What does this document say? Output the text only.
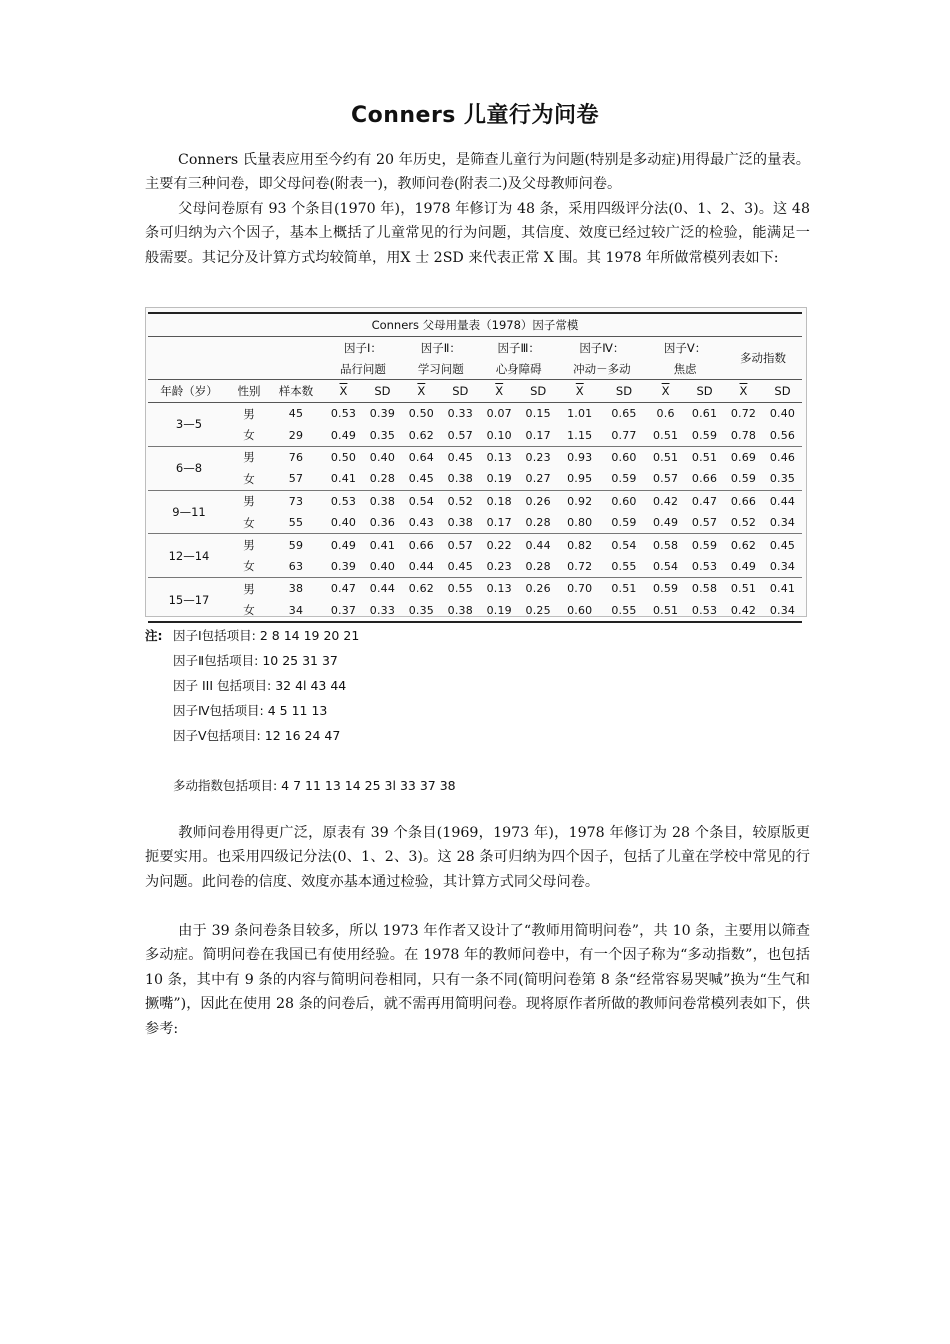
Conners 儿童行为问卷

Conners 氏量表应用至今约有 20 年历史，是筛查儿童行为问题(特别是多动症)用得最广泛的量表。主要有三种问卷，即父母问卷(附表一)，教师问卷(附表二)及父母教师问卷。

父母问卷原有 93 个条目(1970 年)，1978 年修订为 48 条，采用四级评分法(0、1、2、3)。这 48 条可归纳为六个因子，基本上概括了儿童常见的行为问题，其信度、效度已经过较广泛的检验，能满足一般需要。其记分及计算方式均较简单，用X 士 2SD 来代表正常 X 围。其 1978 年所做常模列表如下:

Conners 父母用量表（1978）因子常模														
			因子Ⅰ：		因子Ⅱ：		因子Ⅲ：		因子Ⅳ：		因子Ⅴ：		多动指数	
			品行问题		学习问题		心身障碍		冲动－多动		焦虑			
年龄（岁）	性别	样本数	$\overline{X}$	SD	$\overline{X}$	SD	$\overline{X}$	SD	$\overline{X}$	SD	$\overline{X}$	SD	$\overline{X}$	SD
3—5	男	45	0.53	0.39	0.50	0.33	0.07	0.15	1.01	0.65	0.6	0.61	0.72	0.40
	女	29	0.49	0.35	0.62	0.57	0.10	0.17	1.15	0.77	0.51	0.59	0.78	0.56
6—8	男	76	0.50	0.40	0.64	0.45	0.13	0.23	0.93	0.60	0.51	0.51	0.69	0.46
	女	57	0.41	0.28	0.45	0.38	0.19	0.27	0.95	0.59	0.57	0.66	0.59	0.35
9—11	男	73	0.53	0.38	0.54	0.52	0.18	0.26	0.92	0.60	0.42	0.47	0.66	0.44
	女	55	0.40	0.36	0.43	0.38	0.17	0.28	0.80	0.59	0.49	0.57	0.52	0.34
12—14	男	59	0.49	0.41	0.66	0.57	0.22	0.44	0.82	0.54	0.58	0.59	0.62	0.45
	女	63	0.39	0.40	0.44	0.45	0.23	0.28	0.72	0.55	0.54	0.53	0.49	0.34
15—17	男	38	0.47	0.44	0.62	0.55	0.13	0.26	0.70	0.51	0.59	0.58	0.51	0.41
	女	34	0.37	0.33	0.35	0.38	0.19	0.25	0.60	0.55	0.51	0.53	0.42	0.34
注: 因子Ⅰ包括项目: 2 8 14 19 20 21
因子Ⅱ包括项目: 10 25 31 37
因子 III 包括项目: 32 4l 43 44
因子Ⅳ包括项目: 4 5 11 13
因子Ⅴ包括项目: 12 16 24 47
多动指数包括项目: 4 7 11 13 14 25 3l 33 37 38

教师问卷用得更广泛，原表有 39 个条目(1969，1973 年)，1978 年修订为 28 个条目，较原版更扼要实用。也采用四级记分法(0、1、2、3)。这 28 条可归纳为四个因子，包括了儿童在学校中常见的行为问题。此问卷的信度、效度亦基本通过检验，其计算方式同父母问卷。

由于 39 条问卷条目较多，所以 1973 年作者又设计了“教师用简明问卷”，共 10 条，主要用以筛查多动症。简明问卷在我国已有使用经验。在 1978 年的教师问卷中，有一个因子称为“多动指数”，也包括 10 条，其中有 9 条的内容与简明问卷相同，只有一条不同(简明问卷第 8 条“经常容易哭喊”换为“生气和撅嘴”)，因此在使用 28 条的问卷后，就不需再用简明问卷。现将原作者所做的教师问卷常模列表如下，供参考:
